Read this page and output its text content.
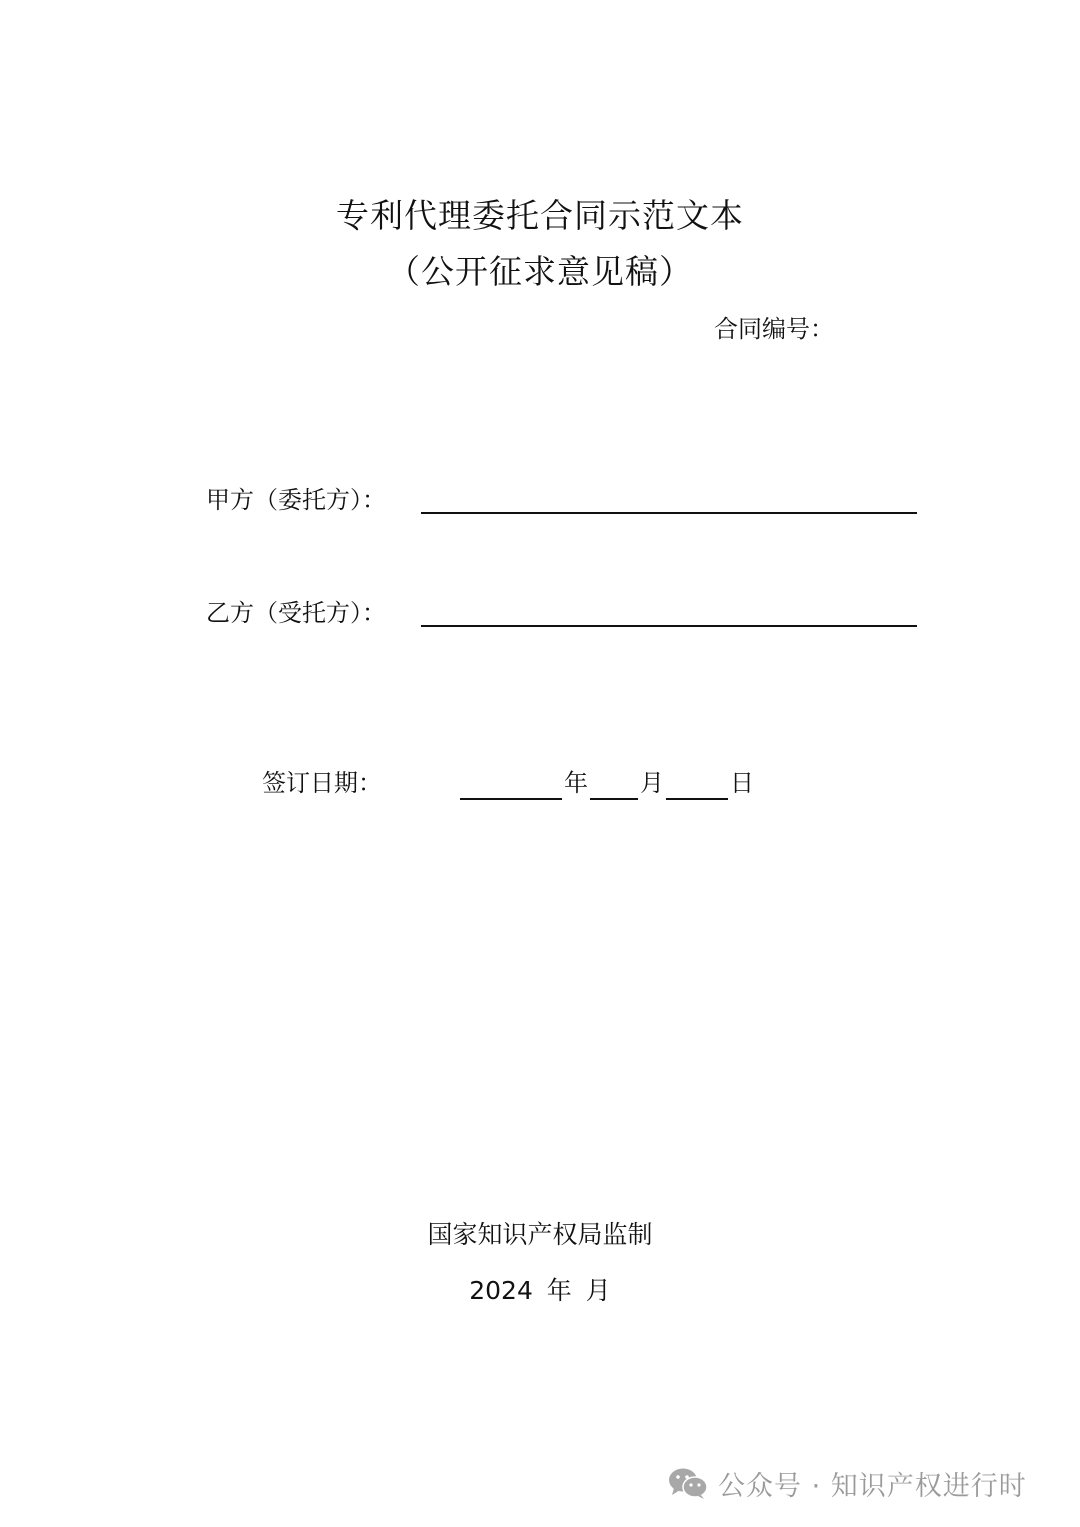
专利代理委托合同示范文本
（公开征求意见稿）
合同编号：
甲方（委托方）：
乙方（受托方）：
签订日期：	年 月	日
国家知识产权局监制
2024 年 月
公众号 · 知识产权进行时
